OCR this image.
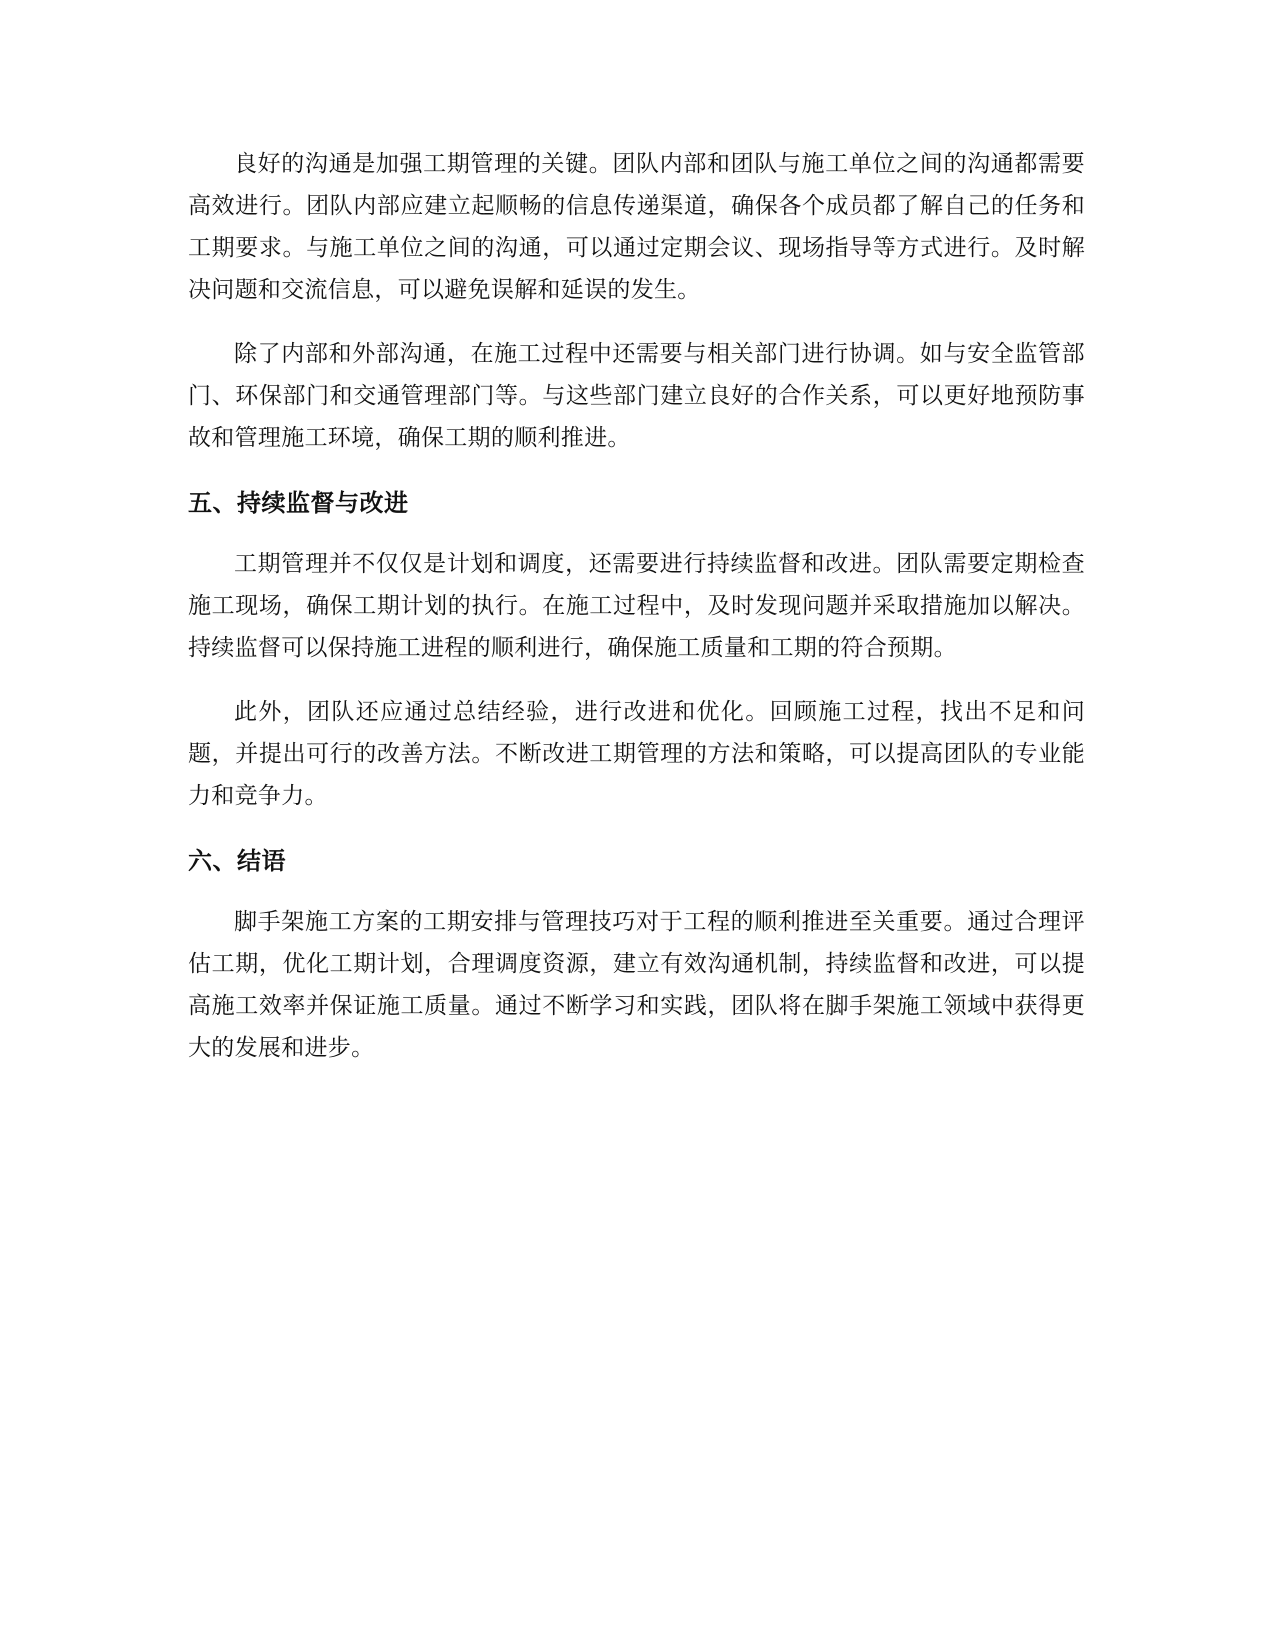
良好的沟通是加强工期管理的关键。团队内部和团队与施工单位之间的沟通都需要高效进行。团队内部应建立起顺畅的信息传递渠道，确保各个成员都了解自己的任务和工期要求。与施工单位之间的沟通，可以通过定期会议、现场指导等方式进行。及时解决问题和交流信息，可以避免误解和延误的发生。

除了内部和外部沟通，在施工过程中还需要与相关部门进行协调。如与安全监管部门、环保部门和交通管理部门等。与这些部门建立良好的合作关系，可以更好地预防事故和管理施工环境，确保工期的顺利推进。

五、持续监督与改进

工期管理并不仅仅是计划和调度，还需要进行持续监督和改进。团队需要定期检查施工现场，确保工期计划的执行。在施工过程中，及时发现问题并采取措施加以解决。持续监督可以保持施工进程的顺利进行，确保施工质量和工期的符合预期。

此外，团队还应通过总结经验，进行改进和优化。回顾施工过程，找出不足和问题，并提出可行的改善方法。不断改进工期管理的方法和策略，可以提高团队的专业能力和竞争力。

六、结语

脚手架施工方案的工期安排与管理技巧对于工程的顺利推进至关重要。通过合理评估工期，优化工期计划，合理调度资源，建立有效沟通机制，持续监督和改进，可以提高施工效率并保证施工质量。通过不断学习和实践，团队将在脚手架施工领域中获得更大的发展和进步。
